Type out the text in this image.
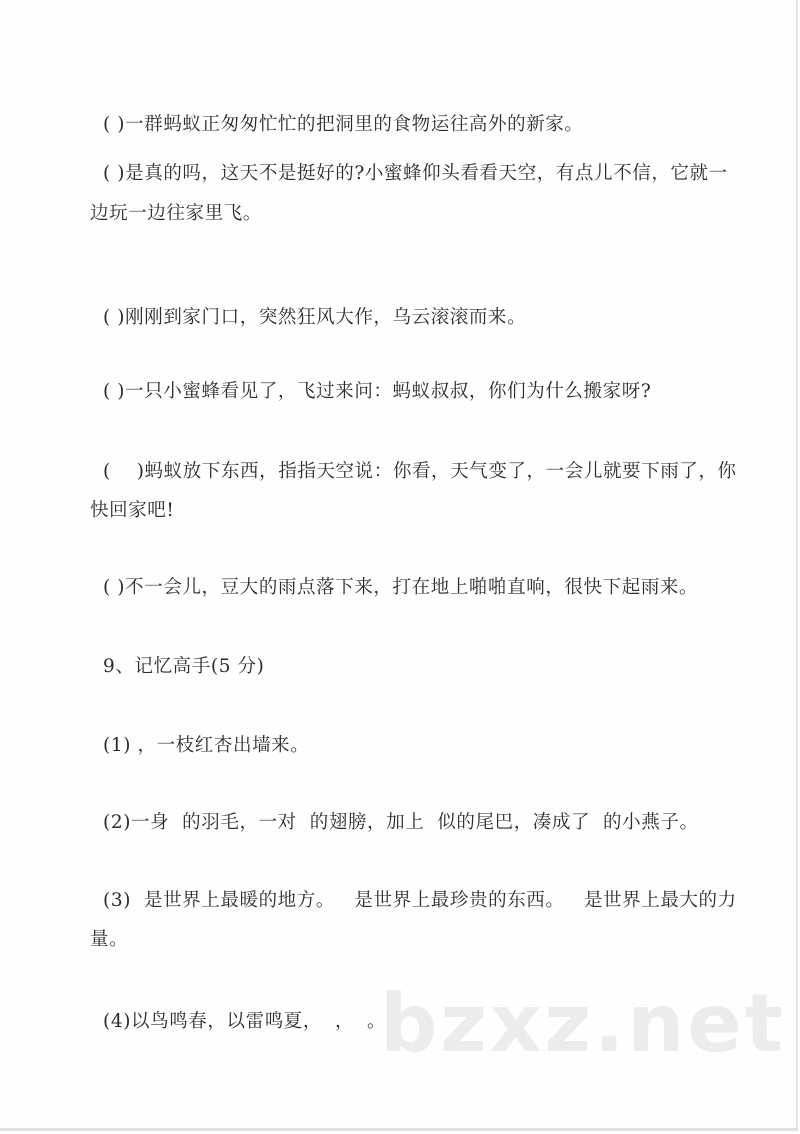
( )一群蚂蚁正匆匆忙忙的把洞里的食物运往高外的新家。
( )是真的吗，这天不是挺好的?小蜜蜂仰头看看天空，有点儿不信，它就一
边玩一边往家里飞。
( )刚刚到家门口，突然狂风大作，乌云滚滚而来。
( )一只小蜜蜂看见了，飞过来问：蚂蚁叔叔，你们为什么搬家呀?
(    )蚂蚁放下东西，指指天空说：你看，天气变了，一会儿就要下雨了，你
快回家吧!
( )不一会儿，豆大的雨点落下来，打在地上啪啪直响，很快下起雨来。
9、记忆高手(5 分)
(1) ，一枝红杏出墙来。
(2)一身  的羽毛，一对  的翅膀，加上  似的尾巴，凑成了  的小燕子。
(3)  是世界上最暖的地方。   是世界上最珍贵的东西。   是世界上最大的力
量。
(4)以鸟鸣春，以雷鸣夏，  ，  。
bzxz.net
